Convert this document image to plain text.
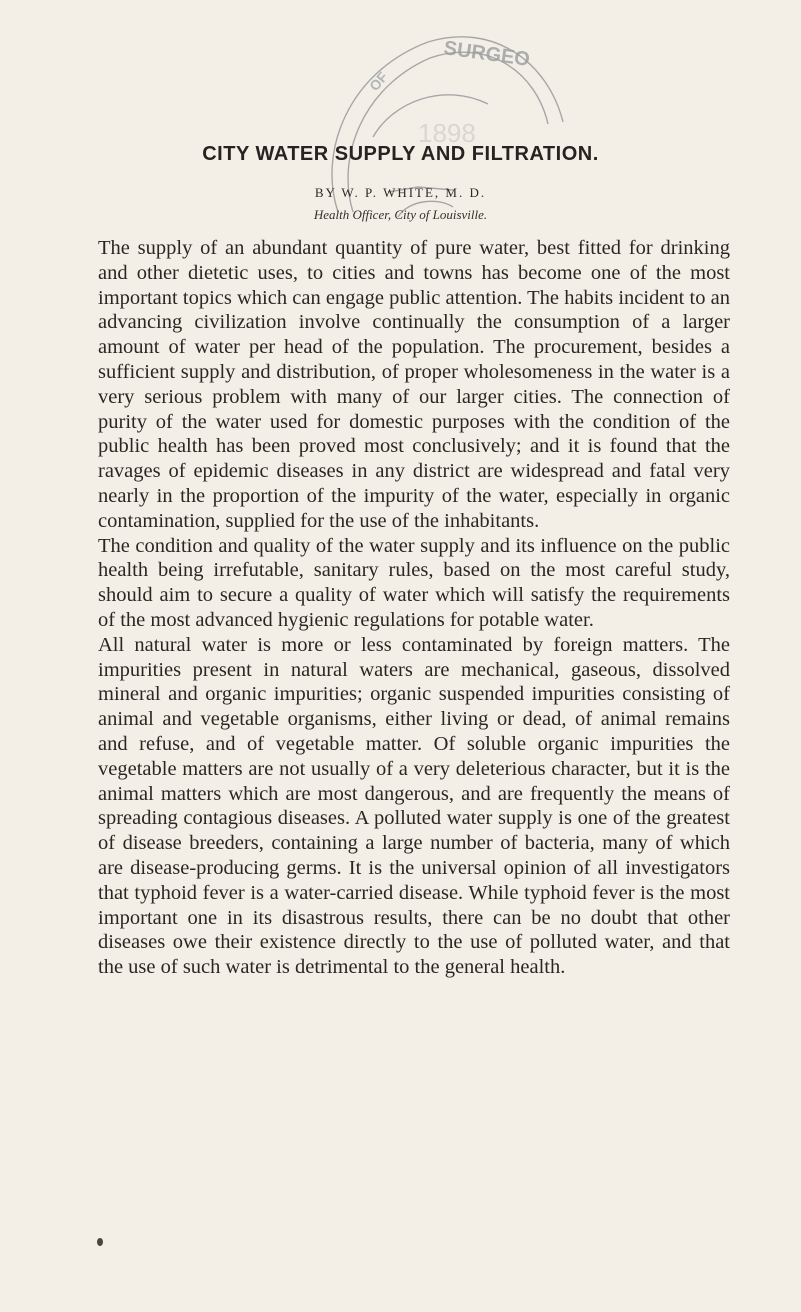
SURGEO
OF
1898
CITY WATER SUPPLY AND FILTRATION.
BY W. P. WHITE, M. D.
Health Officer, City of Louisville.

The supply of an abundant quantity of pure water, best fitted for drinking and other dietetic uses, to cities and towns has become one of the most important topics which can engage public attention. The habits incident to an advancing civilization involve continually the consumption of a larger amount of water per head of the population. The procurement, besides a sufficient supply and distribution, of proper wholesomeness in the water is a very serious problem with many of our larger cities. The connection of purity of the water used for domestic purposes with the condition of the public health has been proved most conclusively; and it is found that the ravages of epidemic diseases in any district are widespread and fatal very nearly in the proportion of the impurity of the water, especially in organic contamination, supplied for the use of the inhabitants.

The condition and quality of the water supply and its influence on the public health being irrefutable, sanitary rules, based on the most careful study, should aim to secure a quality of water which will satisfy the requirements of the most advanced hygienic regulations for potable water.

All natural water is more or less contaminated by foreign matters. The impurities present in natural waters are mechanical, gaseous, dissolved mineral and organic impurities; organic suspended impurities consisting of animal and vegetable organisms, either living or dead, of animal remains and refuse, and of vegetable matter. Of soluble organic impurities the vegetable matters are not usually of a very deleterious character, but it is the animal matters which are most dangerous, and are frequently the means of spreading contagious diseases. A polluted water supply is one of the greatest of disease breeders, containing a large number of bacteria, many of which are disease-producing germs. It is the universal opinion of all investigators that typhoid fever is a water-carried disease. While typhoid fever is the most important one in its disastrous results, there can be no doubt that other diseases owe their existence directly to the use of polluted water, and that the use of such water is detrimental to the general health.
